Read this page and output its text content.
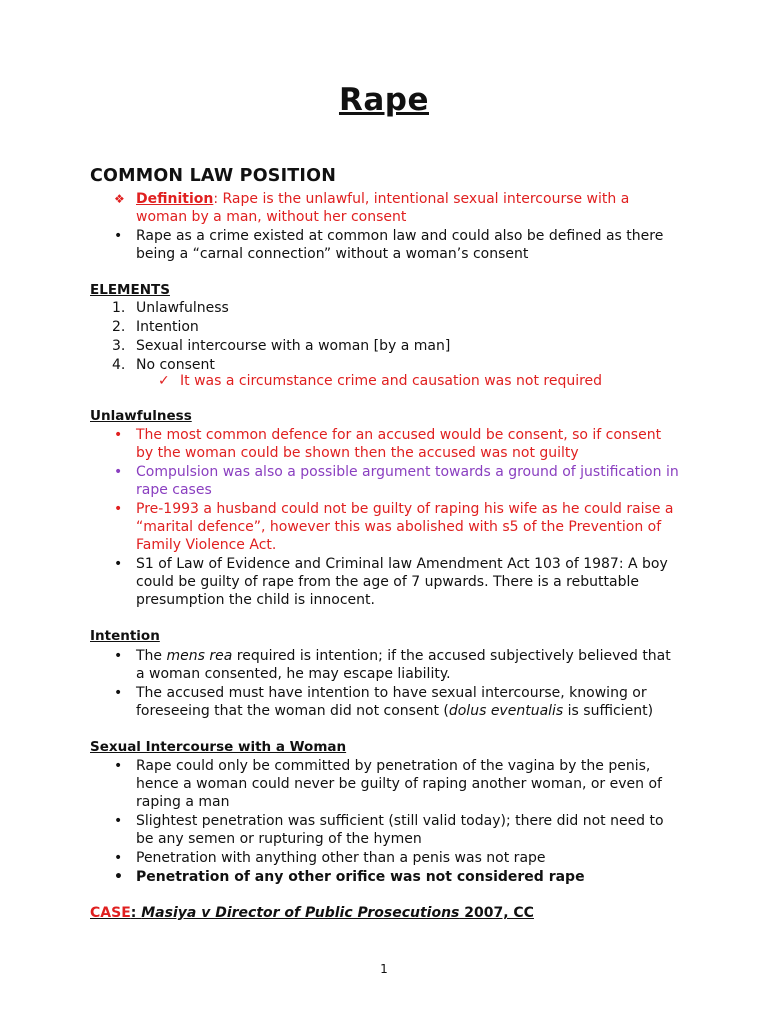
Rape
COMMON LAW POSITION
❖ Definition: Rape is the unlawful, intentional sexual intercourse with a woman by a man, without her consent
• Rape as a crime existed at common law and could also be defined as there being a “carnal connection” without a woman’s consent
ELEMENTS
1. Unlawfulness
2. Intention
3. Sexual intercourse with a woman [by a man]
4. No consent
✓ It was a circumstance crime and causation was not required
Unlawfulness
• The most common defence for an accused would be consent, so if consent by the woman could be shown then the accused was not guilty
• Compulsion was also a possible argument towards a ground of justification in rape cases
• Pre-1993 a husband could not be guilty of raping his wife as he could raise a “marital defence”, however this was abolished with s5 of the Prevention of Family Violence Act.
• S1 of Law of Evidence and Criminal law Amendment Act 103 of 1987: A boy could be guilty of rape from the age of 7 upwards. There is a rebuttable presumption the child is innocent.
Intention
• The mens rea required is intention; if the accused subjectively believed that a woman consented, he may escape liability.
• The accused must have intention to have sexual intercourse, knowing or foreseeing that the woman did not consent (dolus eventualis is sufficient)
Sexual Intercourse with a Woman
• Rape could only be committed by penetration of the vagina by the penis, hence a woman could never be guilty of raping another woman, or even of raping a man
• Slightest penetration was sufficient (still valid today); there did not need to be any semen or rupturing of the hymen
• Penetration with anything other than a penis was not rape
• Penetration of any other orifice was not considered rape
CASE: Masiya v Director of Public Prosecutions 2007, CC
1
